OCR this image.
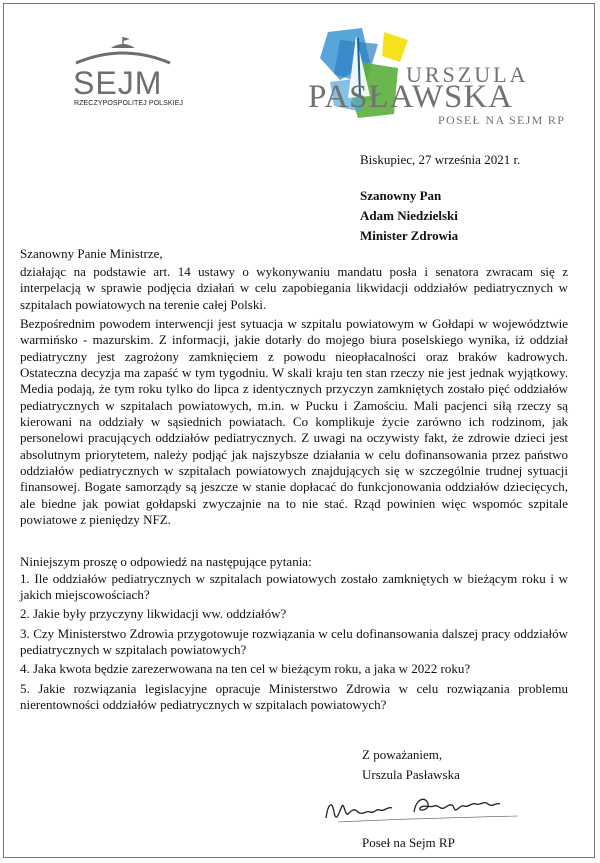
SEJM
RZECZYPOSPOLITEJ POLSKIEJ
URSZULA
PASŁAWSKA
POSEŁ NA SEJM RP
Biskupiec, 27 września 2021 r.
Szanowny Pan
Adam Niedzielski
Minister Zdrowia
Szanowny Panie Ministrze,

działając na podstawie art. 14 ustawy o wykonywaniu mandatu posła i senatora zwracam się z interpelacją w sprawie podjęcia działań w celu zapobiegania likwidacji oddziałów pediatrycznych w szpitalach powiatowych na terenie całej Polski.

Bezpośrednim powodem interwencji jest sytuacja w szpitalu powiatowym w Gołdapi w województwie warmińsko - mazurskim. Z informacji, jakie dotarły do mojego biura poselskiego wynika, iż oddział pediatryczny jest zagrożony zamknięciem z powodu nieopłacalności oraz braków kadrowych. Ostateczna decyzja ma zapaść w tym tygodniu. W skali kraju ten stan rzeczy nie jest jednak wyjątkowy. Media podają, że tym roku tylko do lipca z identycznych przyczyn zamkniętych zostało pięć oddziałów pediatrycznych w szpitalach powiatowych, m.in. w Pucku i Zamościu. Mali pacjenci siłą rzeczy są kierowani na oddziały w sąsiednich powiatach. Co komplikuje życie zarówno ich rodzinom, jak personelowi pracujących oddziałów pediatrycznych. Z uwagi na oczywisty fakt, że zdrowie dzieci jest absolutnym priorytetem, należy podjąć jak najszybsze działania w celu dofinansowania przez państwo oddziałów pediatrycznych w szpitalach powiatowych znajdujących się w szczególnie trudnej sytuacji finansowej. Bogate samorządy są jeszcze w stanie dopłacać do funkcjonowania oddziałów dziecięcych, ale biedne jak powiat gołdapski zwyczajnie na to nie stać. Rząd powinien więc wspomóc szpitale powiatowe z pieniędzy NFZ.

Niniejszym proszę o odpowiedź na następujące pytania:

1. Ile oddziałów pediatrycznych w szpitalach powiatowych zostało zamkniętych w bieżącym roku i w jakich miejscowościach?

2. Jakie były przyczyny likwidacji ww. oddziałów?

3. Czy Ministerstwo Zdrowia przygotowuje rozwiązania w celu dofinansowania dalszej pracy oddziałów pediatrycznych w szpitalach powiatowych?

4. Jaka kwota będzie zarezerwowana na ten cel w bieżącym roku, a jaka w 2022 roku?

5. Jakie rozwiązania legislacyjne opracuje Ministerstwo Zdrowia w celu rozwiązania problemu nierentowności oddziałów pediatrycznych w szpitalach powiatowych?

Z poważaniem,
Urszula Pasławska
Poseł na Sejm RP
